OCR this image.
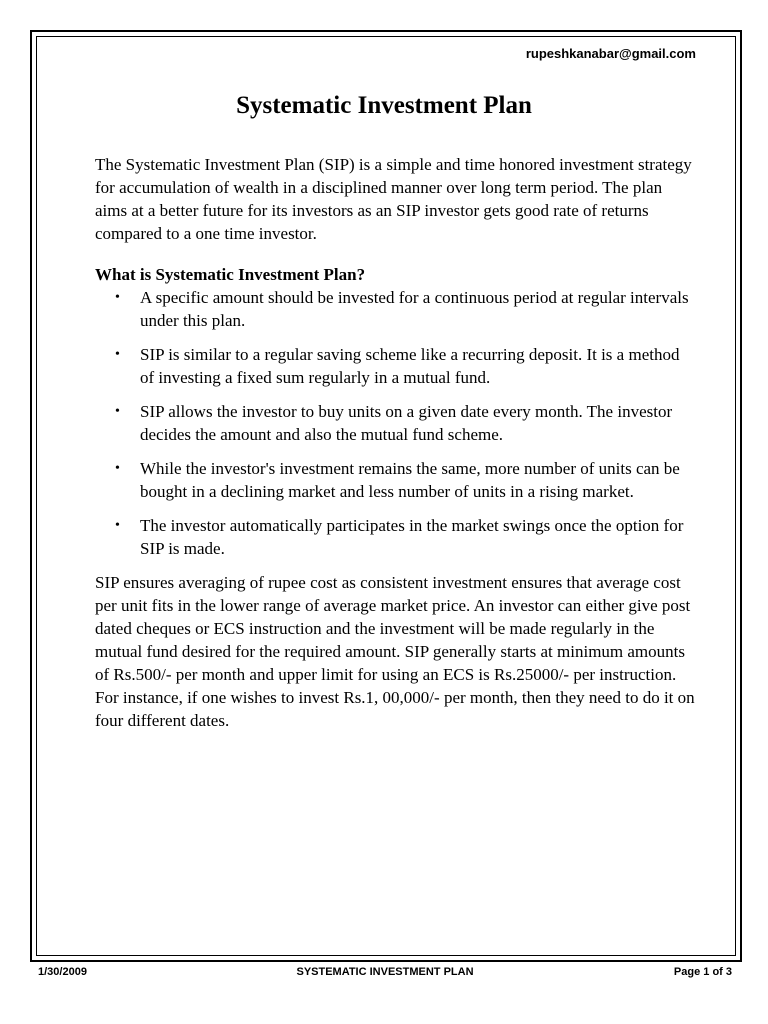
rupeshkanabar@gmail.com
Systematic Investment Plan

The Systematic Investment Plan (SIP) is a simple and time honored investment strategy for accumulation of wealth in a disciplined manner over long term period. The plan aims at a better future for its investors as an SIP investor gets good rate of returns compared to a one time investor.

What is Systematic Investment Plan?

• A specific amount should be invested for a continuous period at regular intervals under this plan.
• SIP is similar to a regular saving scheme like a recurring deposit. It is a method of investing a fixed sum regularly in a mutual fund.
• SIP allows the investor to buy units on a given date every month. The investor decides the amount and also the mutual fund scheme.
• While the investor's investment remains the same, more number of units can be bought in a declining market and less number of units in a rising market.
• The investor automatically participates in the market swings once the option for SIP is made.

SIP ensures averaging of rupee cost as consistent investment ensures that average cost per unit fits in the lower range of average market price. An investor can either give post dated cheques or ECS instruction and the investment will be made regularly in the mutual fund desired for the required amount. SIP generally starts at minimum amounts of Rs.500/- per month and upper limit for using an ECS is Rs.25000/- per instruction. For instance, if one wishes to invest Rs.1, 00,000/- per month, then they need to do it on four different dates.

1/30/2009	SYSTEMATIC INVESTMENT PLAN	Page 1 of 3
